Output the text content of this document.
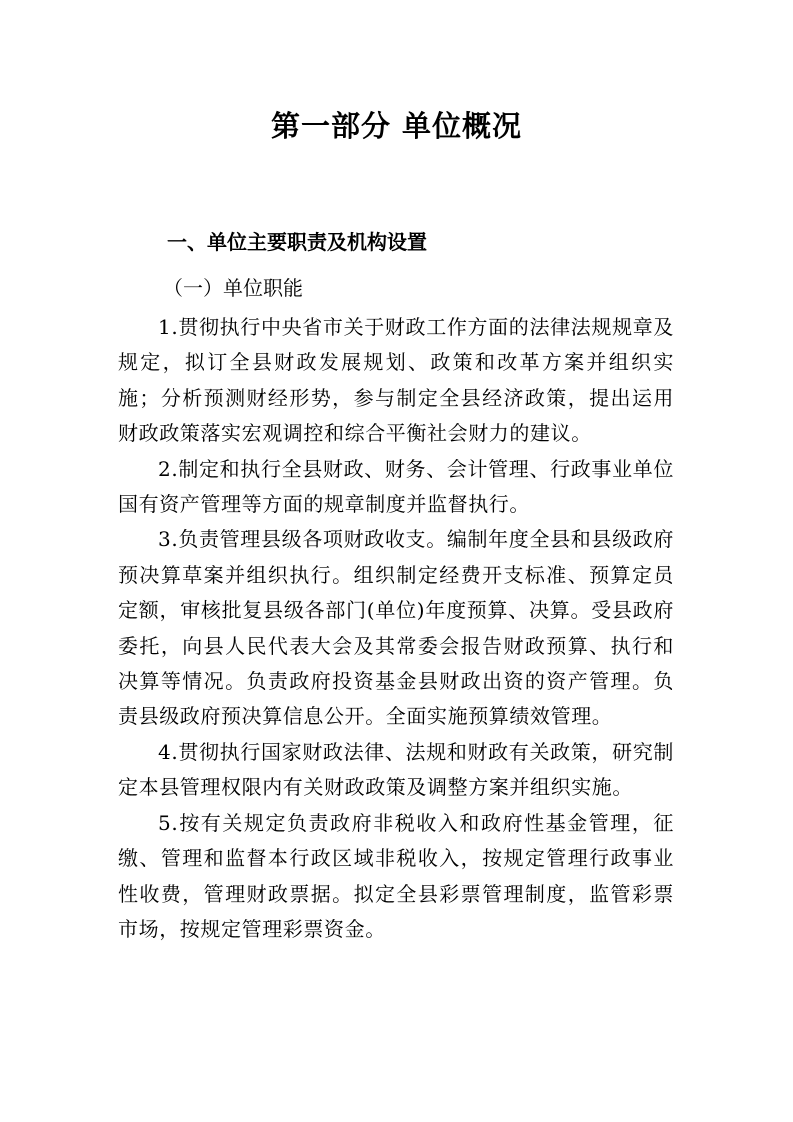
第一部分 单位概况
一、单位主要职责及机构设置
（一）单位职能

1.贯彻执行中央省市关于财政工作方面的法律法规规章及规定，拟订全县财政发展规划、政策和改革方案并组织实施；分析预测财经形势，参与制定全县经济政策，提出运用财政政策落实宏观调控和综合平衡社会财力的建议。

2.制定和执行全县财政、财务、会计管理、行政事业单位国有资产管理等方面的规章制度并监督执行。

3.负责管理县级各项财政收支。编制年度全县和县级政府预决算草案并组织执行。组织制定经费开支标准、预算定员定额，审核批复县级各部门(单位)年度预算、决算。受县政府委托，向县人民代表大会及其常委会报告财政预算、执行和决算等情况。负责政府投资基金县财政出资的资产管理。负责县级政府预决算信息公开。全面实施预算绩效管理。

4.贯彻执行国家财政法律、法规和财政有关政策，研究制定本县管理权限内有关财政政策及调整方案并组织实施。

5.按有关规定负责政府非税收入和政府性基金管理，征缴、管理和监督本行政区域非税收入，按规定管理行政事业性收费，管理财政票据。拟定全县彩票管理制度，监管彩票市场，按规定管理彩票资金。
